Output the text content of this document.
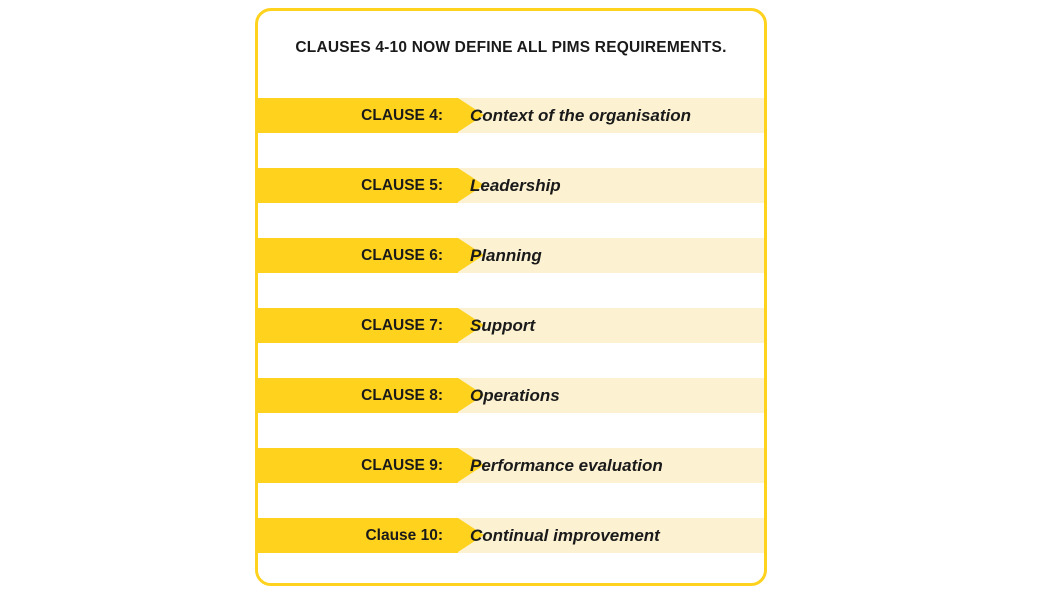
CLAUSES 4-10 NOW DEFINE ALL PIMS REQUIREMENTS.
CLAUSE 4: Context of the organisation
CLAUSE 5: Leadership
CLAUSE 6: Planning
CLAUSE 7: Support
CLAUSE 8: Operations
CLAUSE 9: Performance evaluation
Clause 10: Continual improvement
